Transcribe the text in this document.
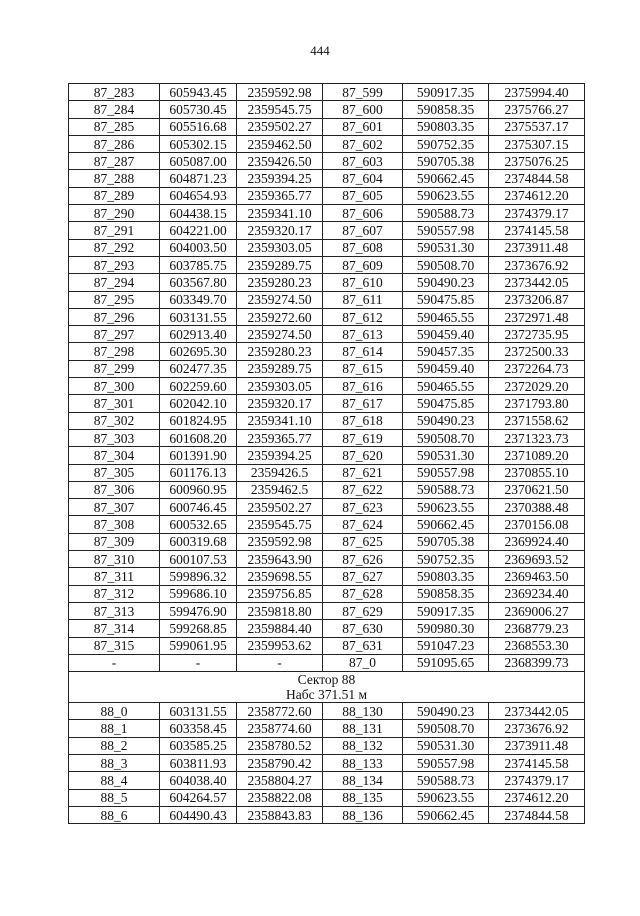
444
87_283	605943.45	2359592.98	87_599	590917.35	2375994.40
87_284	605730.45	2359545.75	87_600	590858.35	2375766.27
87_285	605516.68	2359502.27	87_601	590803.35	2375537.17
87_286	605302.15	2359462.50	87_602	590752.35	2375307.15
87_287	605087.00	2359426.50	87_603	590705.38	2375076.25
87_288	604871.23	2359394.25	87_604	590662.45	2374844.58
87_289	604654.93	2359365.77	87_605	590623.55	2374612.20
87_290	604438.15	2359341.10	87_606	590588.73	2374379.17
87_291	604221.00	2359320.17	87_607	590557.98	2374145.58
87_292	604003.50	2359303.05	87_608	590531.30	2373911.48
87_293	603785.75	2359289.75	87_609	590508.70	2373676.92
87_294	603567.80	2359280.23	87_610	590490.23	2373442.05
87_295	603349.70	2359274.50	87_611	590475.85	2373206.87
87_296	603131.55	2359272.60	87_612	590465.55	2372971.48
87_297	602913.40	2359274.50	87_613	590459.40	2372735.95
87_298	602695.30	2359280.23	87_614	590457.35	2372500.33
87_299	602477.35	2359289.75	87_615	590459.40	2372264.73
87_300	602259.60	2359303.05	87_616	590465.55	2372029.20
87_301	602042.10	2359320.17	87_617	590475.85	2371793.80
87_302	601824.95	2359341.10	87_618	590490.23	2371558.62
87_303	601608.20	2359365.77	87_619	590508.70	2371323.73
87_304	601391.90	2359394.25	87_620	590531.30	2371089.20
87_305	601176.13	2359426.5	87_621	590557.98	2370855.10
87_306	600960.95	2359462.5	87_622	590588.73	2370621.50
87_307	600746.45	2359502.27	87_623	590623.55	2370388.48
87_308	600532.65	2359545.75	87_624	590662.45	2370156.08
87_309	600319.68	2359592.98	87_625	590705.38	2369924.40
87_310	600107.53	2359643.90	87_626	590752.35	2369693.52
87_311	599896.32	2359698.55	87_627	590803.35	2369463.50
87_312	599686.10	2359756.85	87_628	590858.35	2369234.40
87_313	599476.90	2359818.80	87_629	590917.35	2369006.27
87_314	599268.85	2359884.40	87_630	590980.30	2368779.23
87_315	599061.95	2359953.62	87_631	591047.23	2368553.30
-	-	-	87_0	591095.65	2368399.73

Сектор 88
Набс 371.51 м					

88_0	603131.55	2358772.60	88_130	590490.23	2373442.05
88_1	603358.45	2358774.60	88_131	590508.70	2373676.92
88_2	603585.25	2358780.52	88_132	590531.30	2373911.48
88_3	603811.93	2358790.42	88_133	590557.98	2374145.58
88_4	604038.40	2358804.27	88_134	590588.73	2374379.17
88_5	604264.57	2358822.08	88_135	590623.55	2374612.20
88_6	604490.43	2358843.83	88_136	590662.45	2374844.58
